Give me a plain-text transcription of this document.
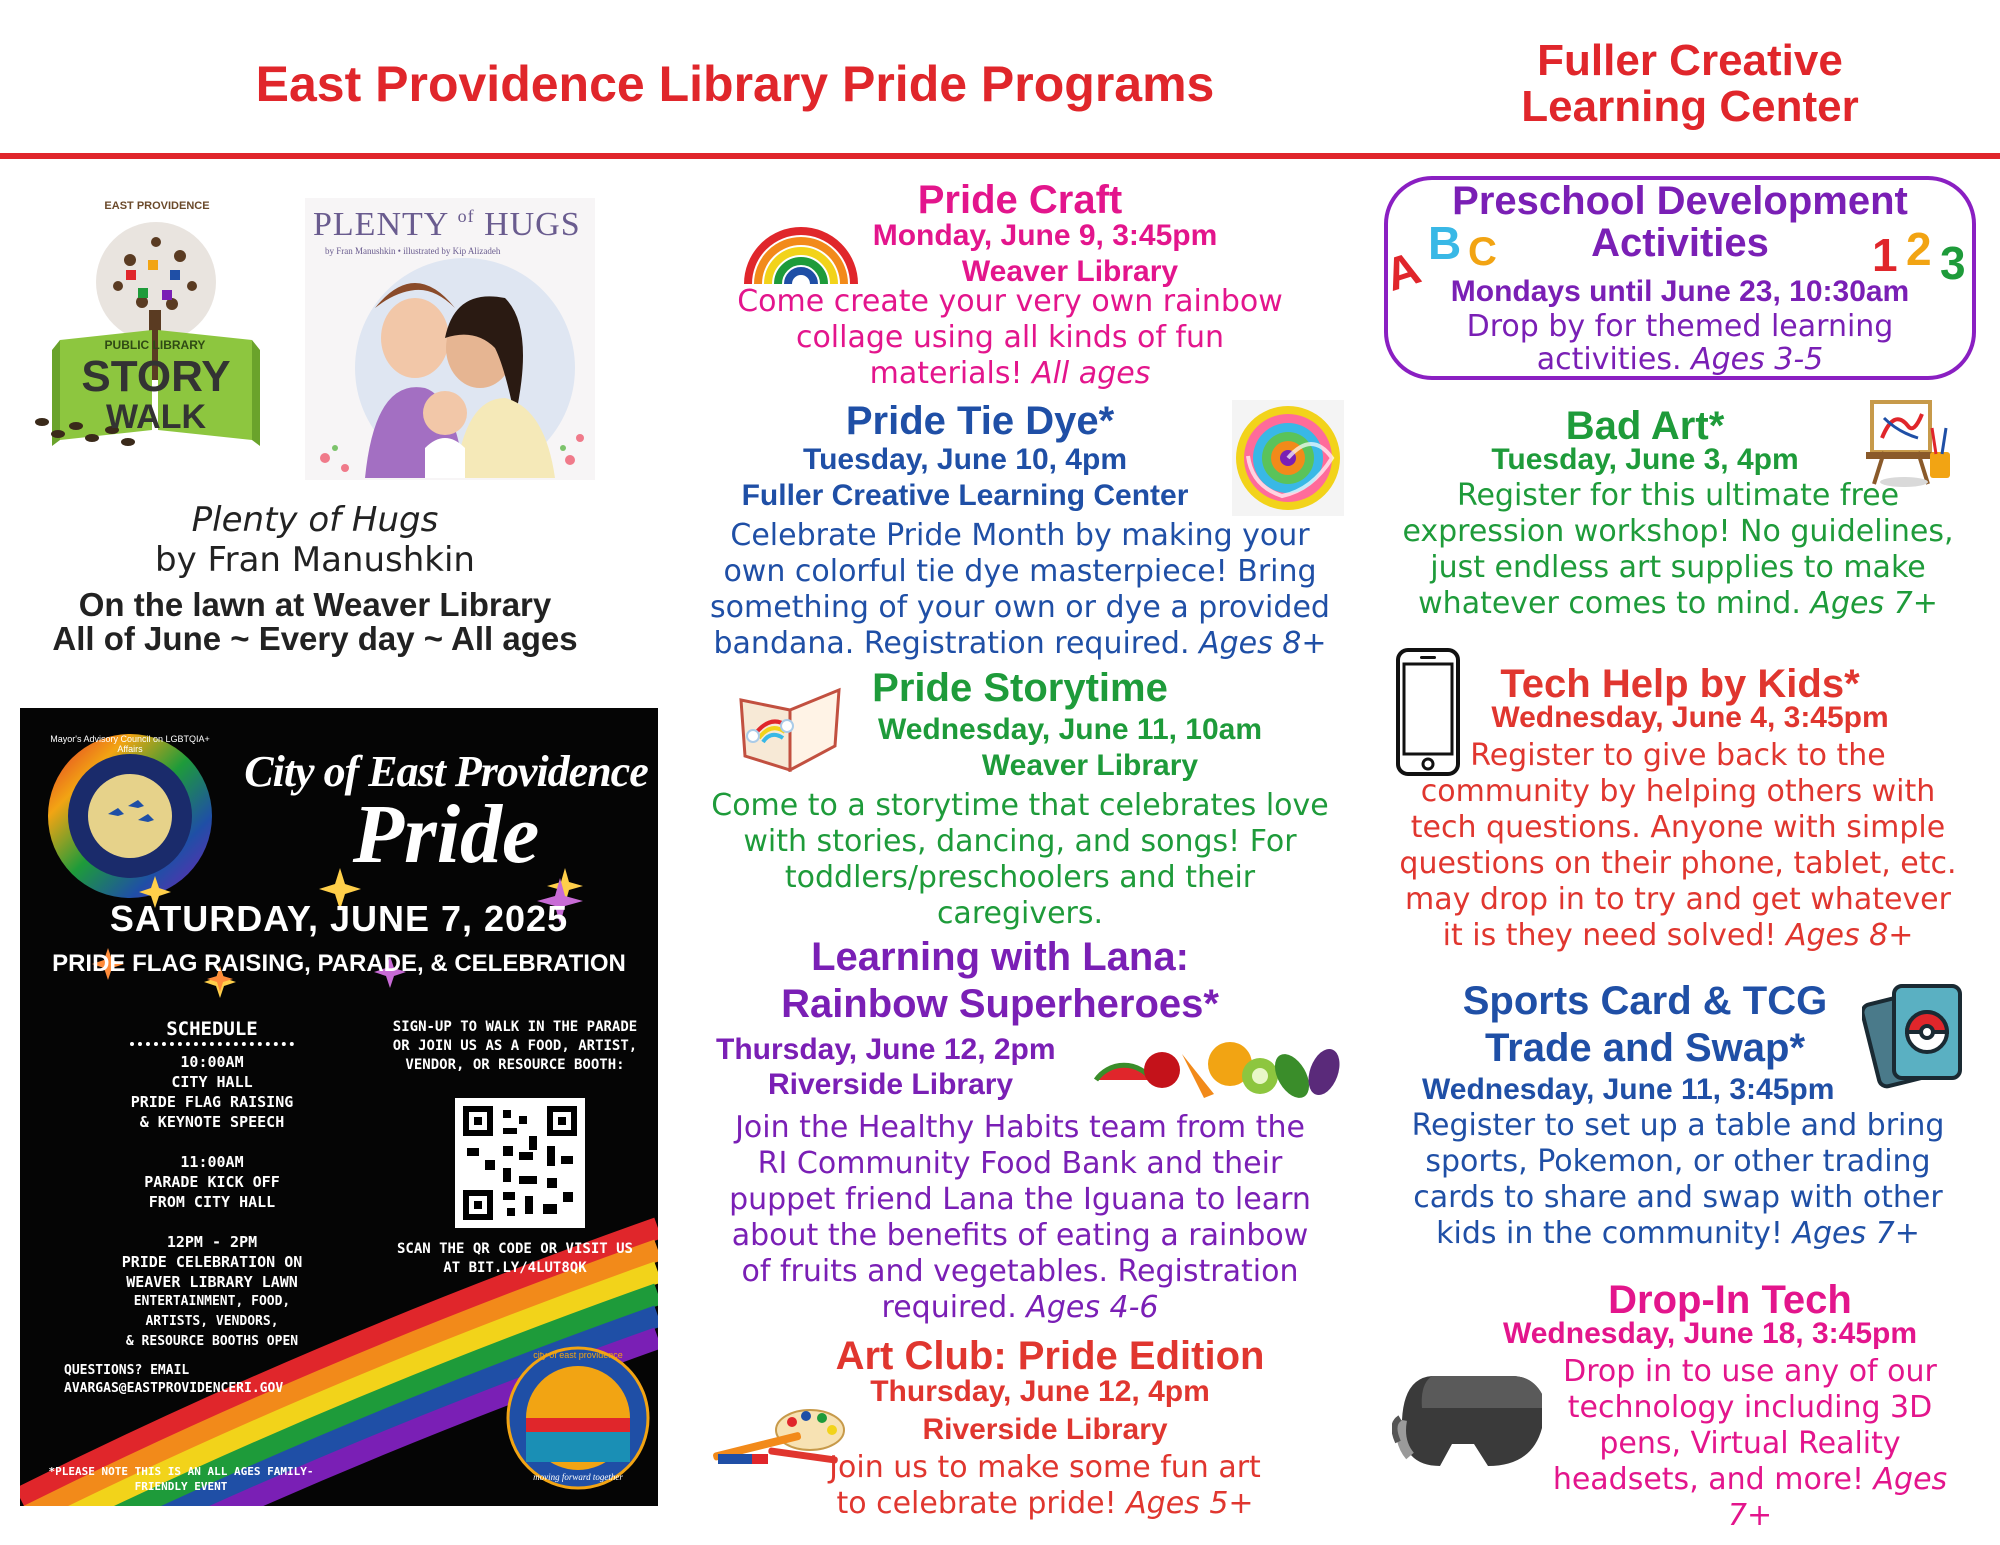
East Providence Library Pride Programs	Fuller Creative
Learning Center
EAST PROVIDENCE
PUBLIC LIBRARY
STORY
WALK
PLENTY $^{of}$ HUGS
by Fran Manushkin • illustrated by Kip Alizadeh
Plenty of Hugs
by Fran Manushkin
On the lawn at Weaver Library
All of June ~ Every day ~ All ages
Mayor's Advisory Council on LGBTQIA+ Affairs	City of East Providence
Pride
SATURDAY, JUNE 7, 2025
PRIDE FLAG RAISING, PARADE, & CELEBRATION
SCHEDULE
10:00AM
CITY HALL
PRIDE FLAG RAISING
& KEYNOTE SPEECH
11:00AM
PARADE KICK OFF
FROM CITY HALL
12PM - 2PM
PRIDE CELEBRATION ON
WEAVER LIBRARY LAWN
ENTERTAINMENT, FOOD,
ARTISTS, VENDORS,
& RESOURCE BOOTHS OPEN
SIGN-UP TO WALK IN THE PARADE OR JOIN US AS A FOOD, ARTIST, VENDOR, OR RESOURCE BOOTH:
SCAN THE QR CODE OR VISIT US AT BIT.LY/4LUT8QK
QUESTIONS? EMAIL AVARGAS@EASTPROVIDENCERI.GOV
*PLEASE NOTE THIS IS AN ALL AGES FAMILY-FRIENDLY EVENT
city of east providence
moving forward together
Pride Craft
Monday, June 9, 3:45pm
Weaver Library
Come create your very own rainbow
collage using all kinds of fun
materials! All ages
Pride Tie Dye*
Tuesday, June 10, 4pm
Fuller Creative Learning Center
Celebrate Pride Month by making your
own colorful tie dye masterpiece! Bring
something of your own or dye a provided
bandana. Registration required. Ages 8+
Pride Storytime
Wednesday, June 11, 10am
Weaver Library
Come to a storytime that celebrates love
with stories, dancing, and songs! For
toddlers/preschoolers and their
caregivers.
Learning with Lana:
Rainbow Superheroes*
Thursday, June 12, 2pm
Riverside Library
Join the Healthy Habits team from the
RI Community Food Bank and their
puppet friend Lana the Iguana to learn
about the benefits of eating a rainbow
of fruits and vegetables. Registration
required. Ages 4-6
Art Club: Pride Edition
Thursday, June 12, 4pm
Riverside Library
Join us to make some fun art
to celebrate pride! Ages 5+
Preschool Development
Activities
A B C	1 2 3
Mondays until June 23, 10:30am
Drop by for themed learning
activities. Ages 3-5
Bad Art*
Tuesday, June 3, 4pm
Register for this ultimate free
expression workshop! No guidelines,
just endless art supplies to make
whatever comes to mind. Ages 7+
Tech Help by Kids*
Wednesday, June 4, 3:45pm
Register to give back to the
community by helping others with
tech questions. Anyone with simple
questions on their phone, tablet, etc.
may drop in to try and get whatever
it is they need solved! Ages 8+
Sports Card & TCG
Trade and Swap*
Wednesday, June 11, 3:45pm
Register to set up a table and bring
sports, Pokemon, or other trading
cards to share and swap with other
kids in the community! Ages 7+
Drop-In Tech
Wednesday, June 18, 3:45pm
Drop in to use any of our
technology including 3D
pens, Virtual Reality
headsets, and more! Ages 7+
